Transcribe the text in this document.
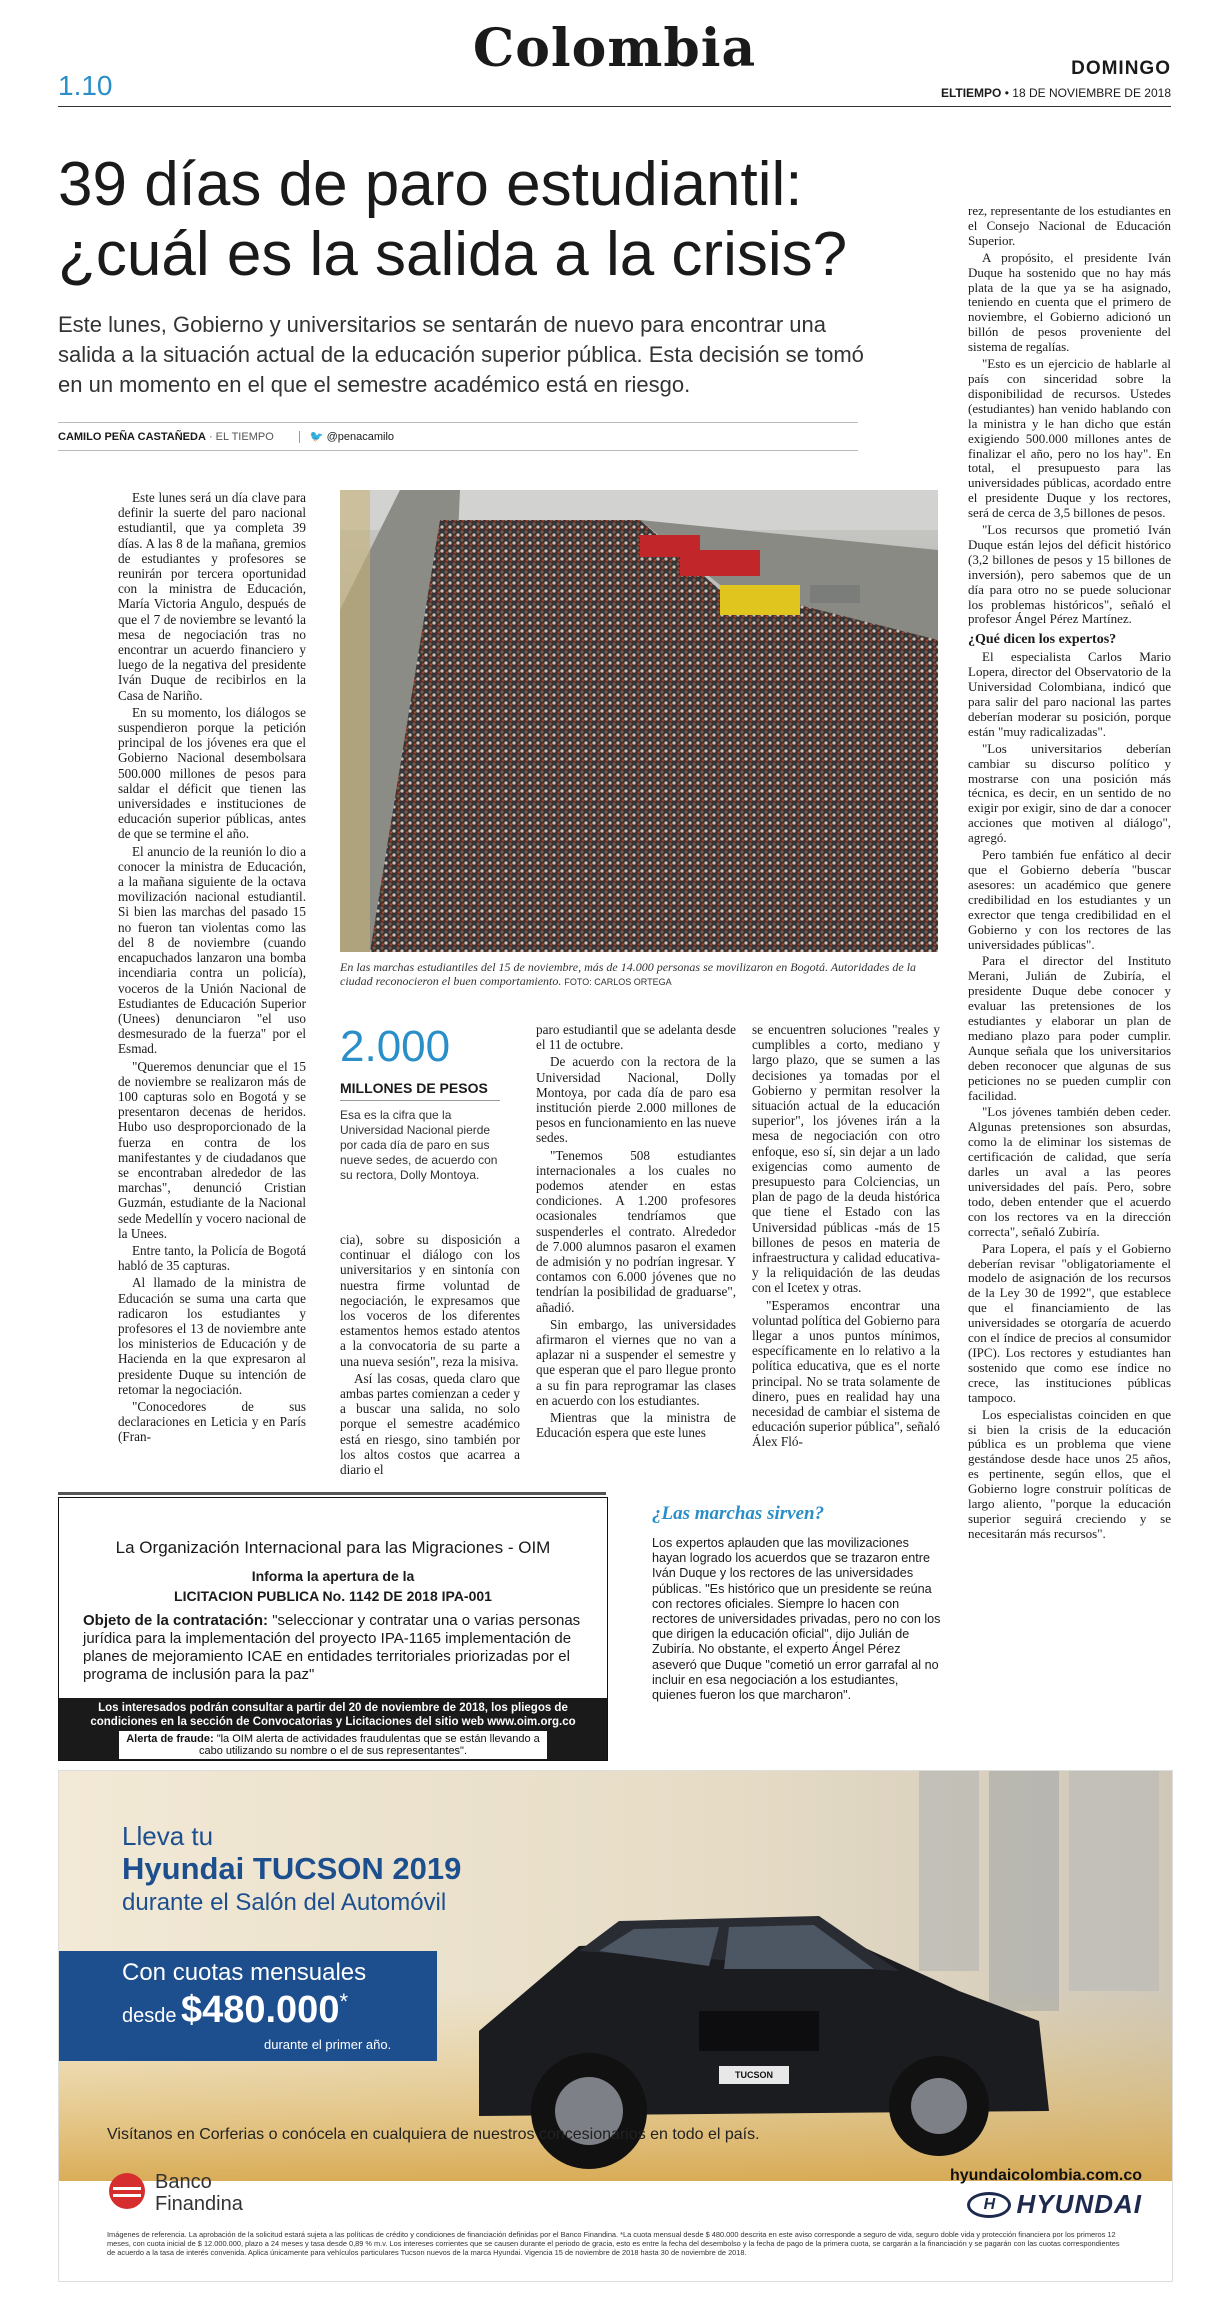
Colombia
1.10
DOMINGO
ELTIEMPO • 18 DE NOVIEMBRE DE 2018
39 días de paro estudiantil:
¿cuál es la salida a la crisis?
Este lunes, Gobierno y universitarios se sentarán de nuevo para encontrar una salida a la situación actual de la educación superior pública. Esta decisión se tomó en un momento en el que el semestre académico está en riesgo.
CAMILO PEÑA CASTAÑEDA · EL TIEMPO	🐦 @penacamilo

Este lunes será un día clave para definir la suerte del paro nacional estudiantil, que ya completa 39 días. A las 8 de la mañana, gremios de estudiantes y profesores se reunirán por tercera oportunidad con la ministra de Educación, María Victoria Angulo, después de que el 7 de noviembre se levantó la mesa de negociación tras no encontrar un acuerdo financiero y luego de la negativa del presidente Iván Duque de recibirlos en la Casa de Nariño.

En su momento, los diálogos se suspendieron porque la petición principal de los jóvenes era que el Gobierno Nacional desembolsara 500.000 millones de pesos para saldar el déficit que tienen las universidades e instituciones de educación superior públicas, antes de que se termine el año.

El anuncio de la reunión lo dio a conocer la ministra de Educación, a la mañana siguiente de la octava movilización nacional estudiantil. Si bien las marchas del pasado 15 no fueron tan violentas como las del 8 de noviembre (cuando encapuchados lanzaron una bomba incendiaria contra un policía), voceros de la Unión Nacional de Estudiantes de Educación Superior (Unees) denunciaron "el uso desmesurado de la fuerza" por el Esmad.

"Queremos denunciar que el 15 de noviembre se realizaron más de 100 capturas solo en Bogotá y se presentaron decenas de heridos. Hubo uso desproporcionado de la fuerza en contra de los manifestantes y de ciudadanos que se encontraban alrededor de las marchas", denunció Cristian Guzmán, estudiante de la Nacional sede Medellín y vocero nacional de la Unees.

Entre tanto, la Policía de Bogotá habló de 35 capturas.

Al llamado de la ministra de Educación se suma una carta que radicaron los estudiantes y profesores el 13 de noviembre ante los ministerios de Educación y de Hacienda en la que expresaron al presidente Duque su intención de retomar la negociación.

"Conocedores de sus declaraciones en Leticia y en París (Fran-

En las marchas estudiantiles del 15 de noviembre, más de 14.000 personas se movilizaron en Bogotá. Autoridades de la ciudad reconocieron el buen comportamiento. FOTO: CARLOS ORTEGA
2.000
MILLONES DE PESOS
Esa es la cifra que la Universidad Nacional pierde por cada día de paro en sus nueve sedes, de acuerdo con su rectora, Dolly Montoya.

cia), sobre su disposición a continuar el diálogo con los universitarios y en sintonía con nuestra firme voluntad de negociación, le expresamos que los voceros de los diferentes estamentos hemos estado atentos a la convocatoria de su parte a una nueva sesión", reza la misiva.

Así las cosas, queda claro que ambas partes comienzan a ceder y a buscar una salida, no solo porque el semestre académico está en riesgo, sino también por los altos costos que acarrea a diario el

paro estudiantil que se adelanta desde el 11 de octubre.

De acuerdo con la rectora de la Universidad Nacional, Dolly Montoya, por cada día de paro esa institución pierde 2.000 millones de pesos en funcionamiento en las nueve sedes.

"Tenemos 508 estudiantes internacionales a los cuales no podemos atender en estas condiciones. A 1.200 profesores ocasionales tendríamos que suspenderles el contrato. Alrededor de 7.000 alumnos pasaron el examen de admisión y no podrían ingresar. Y contamos con 6.000 jóvenes que no tendrían la posibilidad de graduarse", añadió.

Sin embargo, las universidades afirmaron el viernes que no van a aplazar ni a suspender el semestre y que esperan que el paro llegue pronto a su fin para reprogramar las clases en acuerdo con los estudiantes.

Mientras que la ministra de Educación espera que este lunes

se encuentren soluciones "reales y cumplibles a corto, mediano y largo plazo, que se sumen a las decisiones ya tomadas por el Gobierno y permitan resolver la situación actual de la educación superior", los jóvenes irán a la mesa de negociación con otro enfoque, eso sí, sin dejar a un lado exigencias como aumento de presupuesto para Colciencias, un plan de pago de la deuda histórica que tiene el Estado con las Universidad públicas -más de 15 billones de pesos en materia de infraestructura y calidad educativa- y la reliquidación de las deudas con el Icetex y otras.

"Esperamos encontrar una voluntad política del Gobierno para llegar a unos puntos mínimos, específicamente en lo relativo a la política educativa, que es el norte principal. No se trata solamente de dinero, pues en realidad hay una necesidad de cambiar el sistema de educación superior pública", señaló Álex Fló-

rez, representante de los estudiantes en el Consejo Nacional de Educación Superior.

A propósito, el presidente Iván Duque ha sostenido que no hay más plata de la que ya se ha asignado, teniendo en cuenta que el primero de noviembre, el Gobierno adicionó un billón de pesos proveniente del sistema de regalías.

"Esto es un ejercicio de hablarle al país con sinceridad sobre la disponibilidad de recursos. Ustedes (estudiantes) han venido hablando con la ministra y le han dicho que están exigiendo 500.000 millones antes de finalizar el año, pero no los hay". En total, el presupuesto para las universidades públicas, acordado entre el presidente Duque y los rectores, será de cerca de 3,5 billones de pesos.

"Los recursos que prometió Iván Duque están lejos del déficit histórico (3,2 billones de pesos y 15 billones de inversión), pero sabemos que de un día para otro no se puede solucionar los problemas históricos", señaló el profesor Ángel Pérez Martínez.

¿Qué dicen los expertos?

El especialista Carlos Mario Lopera, director del Observatorio de la Universidad Colombiana, indicó que para salir del paro nacional las partes deberían moderar su posición, porque están "muy radicalizadas".

"Los universitarios deberían cambiar su discurso político y mostrarse con una posición más técnica, es decir, en un sentido de no exigir por exigir, sino de dar a conocer acciones que motiven al diálogo", agregó.

Pero también fue enfático al decir que el Gobierno debería "buscar asesores: un académico que genere credibilidad en los estudiantes y un exrector que tenga credibilidad en el Gobierno y con los rectores de las universidades públicas".

Para el director del Instituto Merani, Julián de Zubiría, el presidente Duque debe conocer y evaluar las pretensiones de los estudiantes y elaborar un plan de mediano plazo para poder cumplir. Aunque señala que los universitarios deben reconocer que algunas de sus peticiones no se pueden cumplir con facilidad.

"Los jóvenes también deben ceder. Algunas pretensiones son absurdas, como la de eliminar los sistemas de certificación de calidad, que sería darles un aval a las peores universidades del país. Pero, sobre todo, deben entender que el acuerdo con los rectores va en la dirección correcta", señaló Zubiría.

Para Lopera, el país y el Gobierno deberían revisar "obligatoriamente el modelo de asignación de los recursos de la Ley 30 de 1992", que establece que el financiamiento de las universidades se otorgaría de acuerdo con el índice de precios al consumidor (IPC). Los rectores y estudiantes han sostenido que como ese índice no crece, las instituciones públicas tampoco.

Los especialistas coinciden en que si bien la crisis de la educación pública es un problema que viene gestándose desde hace unos 25 años, es pertinente, según ellos, que el Gobierno logre construir políticas de largo aliento, "porque la educación superior seguirá creciendo y se necesitarán más recursos".

¿Las marchas sirven?

Los expertos aplauden que las movilizaciones hayan logrado los acuerdos que se trazaron entre Iván Duque y los rectores de las universidades públicas. "Es histórico que un presidente se reúna con rectores oficiales. Siempre lo hacen con rectores de universidades privadas, pero no con los que dirigen la educación oficial", dijo Julián de Zubiría. No obstante, el experto Ángel Pérez aseveró que Duque "cometió un error garrafal al no incluir en esa negociación a los estudiantes, quienes fueron los que marcharon".

La Organización Internacional para las Migraciones - OIM
Informa la apertura de la
LICITACION PUBLICA No. 1142 DE 2018 IPA-001
Objeto de la contratación: "seleccionar y contratar una o varias personas jurídica para la implementación del proyecto IPA-1165 implementación de planes de mejoramiento ICAE en entidades territoriales priorizadas por el programa de inclusión para la paz"
Los interesados podrán consultar a partir del 20 de noviembre de 2018, los pliegos de condiciones en la sección de Convocatorias y Licitaciones del sitio web www.oim.org.co
Alerta de fraude: "la OIM alerta de actividades fraudulentas que se están llevando a cabo utilizando su nombre o el de sus representantes".
TUCSON
Lleva tu
Hyundai TUCSON 2019
durante el Salón del Automóvil
Con cuotas mensuales
desde $480.000*
durante el primer año.
Visítanos en Corferias o conócela en cualquiera de nuestros concesionarios en todo el país.
Banco
Finandina
hyundaicolombia.com.co
H HYUNDAI
Imágenes de referencia. La aprobación de la solicitud estará sujeta a las políticas de crédito y condiciones de financiación definidas por el Banco Finandina. *La cuota mensual desde $ 480.000 descrita en este aviso corresponde a seguro de vida, seguro doble vida y protección financiera por los primeros 12 meses, con cuota inicial de $ 12.000.000, plazo a 24 meses y tasa desde 0,89 % m.v. Los intereses corrientes que se causen durante el periodo de gracia, esto es entre la fecha del desembolso y la fecha de pago de la primera cuota, se cargarán a la financiación y se pagarán con las cuotas correspondientes de acuerdo a la tasa de interés convenida. Aplica únicamente para vehículos particulares Tucson nuevos de la marca Hyundai. Vigencia 15 de noviembre de 2018 hasta 30 de noviembre de 2018.
